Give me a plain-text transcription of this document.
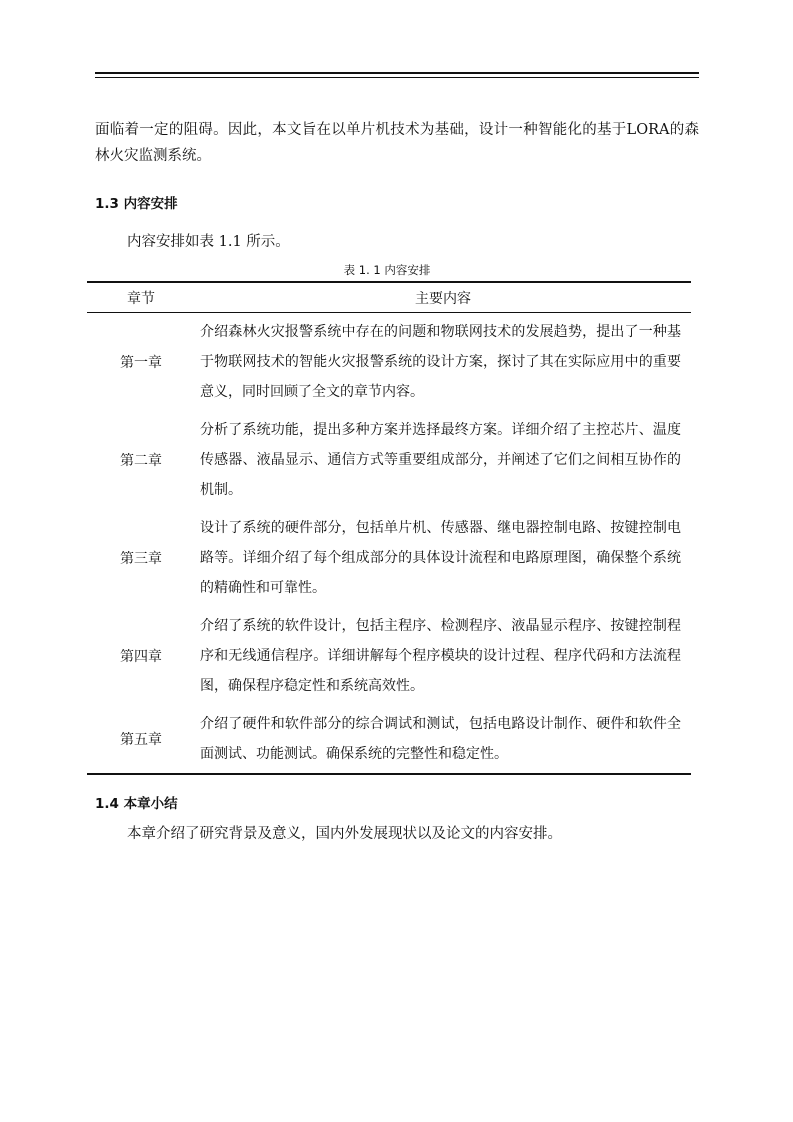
面临着一定的阻碍。因此，本文旨在以单片机技术为基础，设计一种智能化的基于LORA的森林火灾监测系统。
1.3 内容安排
内容安排如表 1.1 所示。
表 1. 1 内容安排
章节	主要内容
第一章	介绍森林火灾报警系统中存在的问题和物联网技术的发展趋势，提出了一种基于物联网技术的智能火灾报警系统的设计方案，探讨了其在实际应用中的重要意义，同时回顾了全文的章节内容。
第二章	分析了系统功能，提出多种方案并选择最终方案。详细介绍了主控芯片、温度传感器、液晶显示、通信方式等重要组成部分，并阐述了它们之间相互协作的机制。
第三章	设计了系统的硬件部分，包括单片机、传感器、继电器控制电路、按键控制电路等。详细介绍了每个组成部分的具体设计流程和电路原理图，确保整个系统的精确性和可靠性。
第四章	介绍了系统的软件设计，包括主程序、检测程序、液晶显示程序、按键控制程序和无线通信程序。详细讲解每个程序模块的设计过程、程序代码和方法流程图，确保程序稳定性和系统高效性。
第五章	介绍了硬件和软件部分的综合调试和测试，包括电路设计制作、硬件和软件全面测试、功能测试。确保系统的完整性和稳定性。
1.4 本章小结
本章介绍了研究背景及意义，国内外发展现状以及论文的内容安排。
